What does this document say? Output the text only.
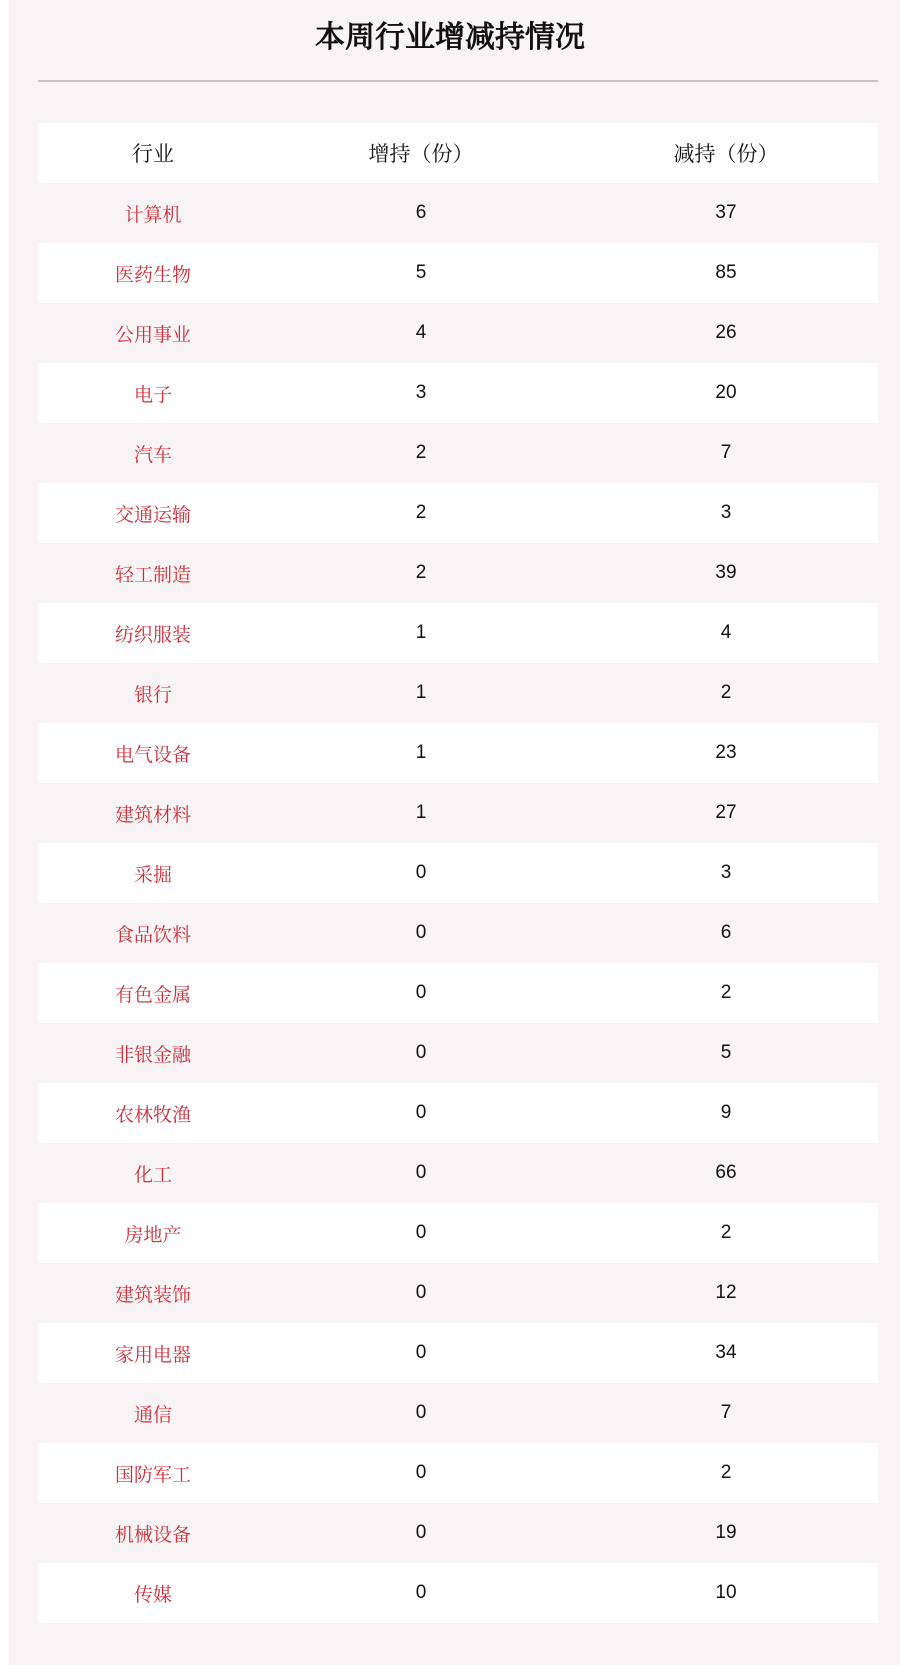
本周行业增减持情况
行业	增持（份）	减持（份）
计算机	6	37
医药生物	5	85
公用事业	4	26
电子	3	20
汽车	2	7
交通运输	2	3
轻工制造	2	39
纺织服装	1	4
银行	1	2
电气设备	1	23
建筑材料	1	27
采掘	0	3
食品饮料	0	6
有色金属	0	2
非银金融	0	5
农林牧渔	0	9
化工	0	66
房地产	0	2
建筑装饰	0	12
家用电器	0	34
通信	0	7
国防军工	0	2
机械设备	0	19
传媒	0	10
